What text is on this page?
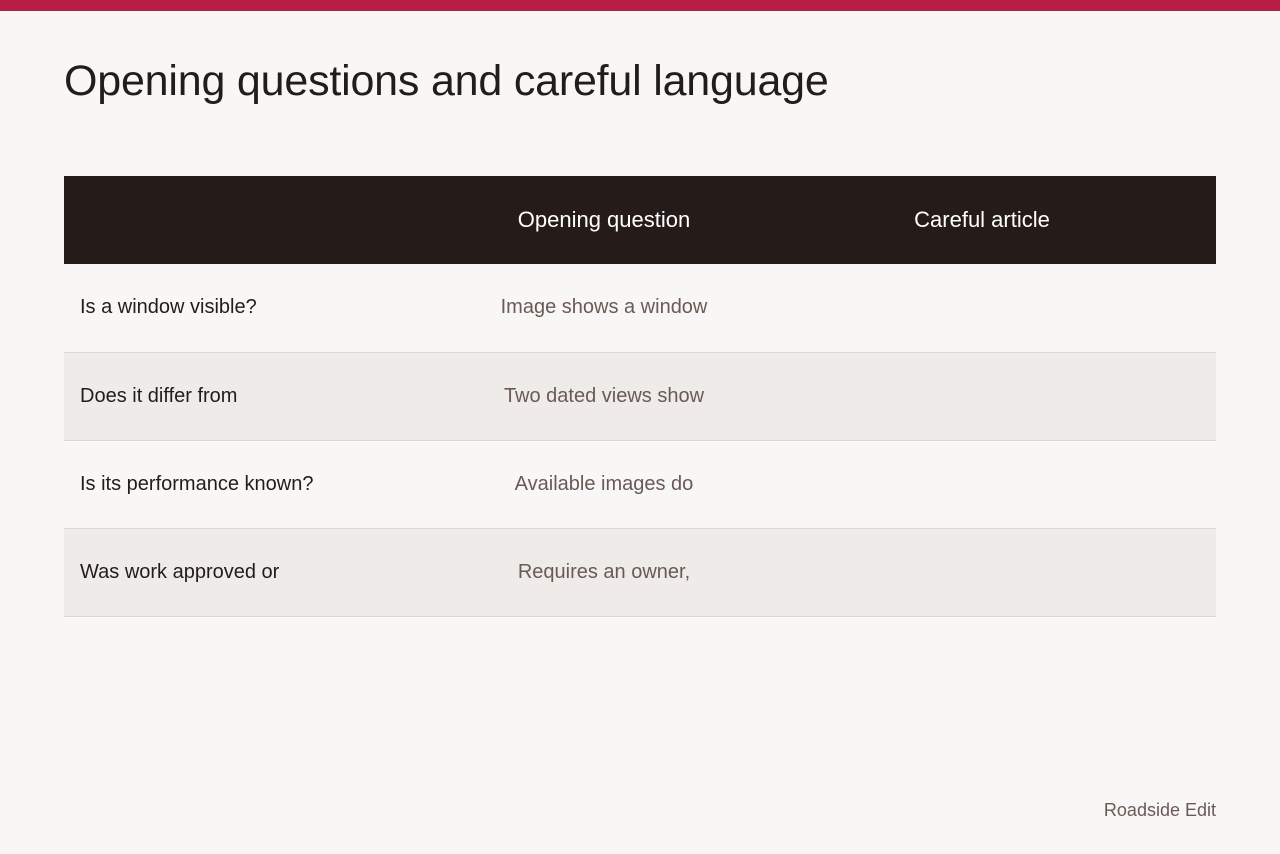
Opening questions and careful language
	Opening question	Careful article
Is a window visible?	Image shows a window	
Does it differ from	Two dated views show	
Is its performance known?	Available images do	
Was work approved or	Requires an owner,	
Roadside Edit
